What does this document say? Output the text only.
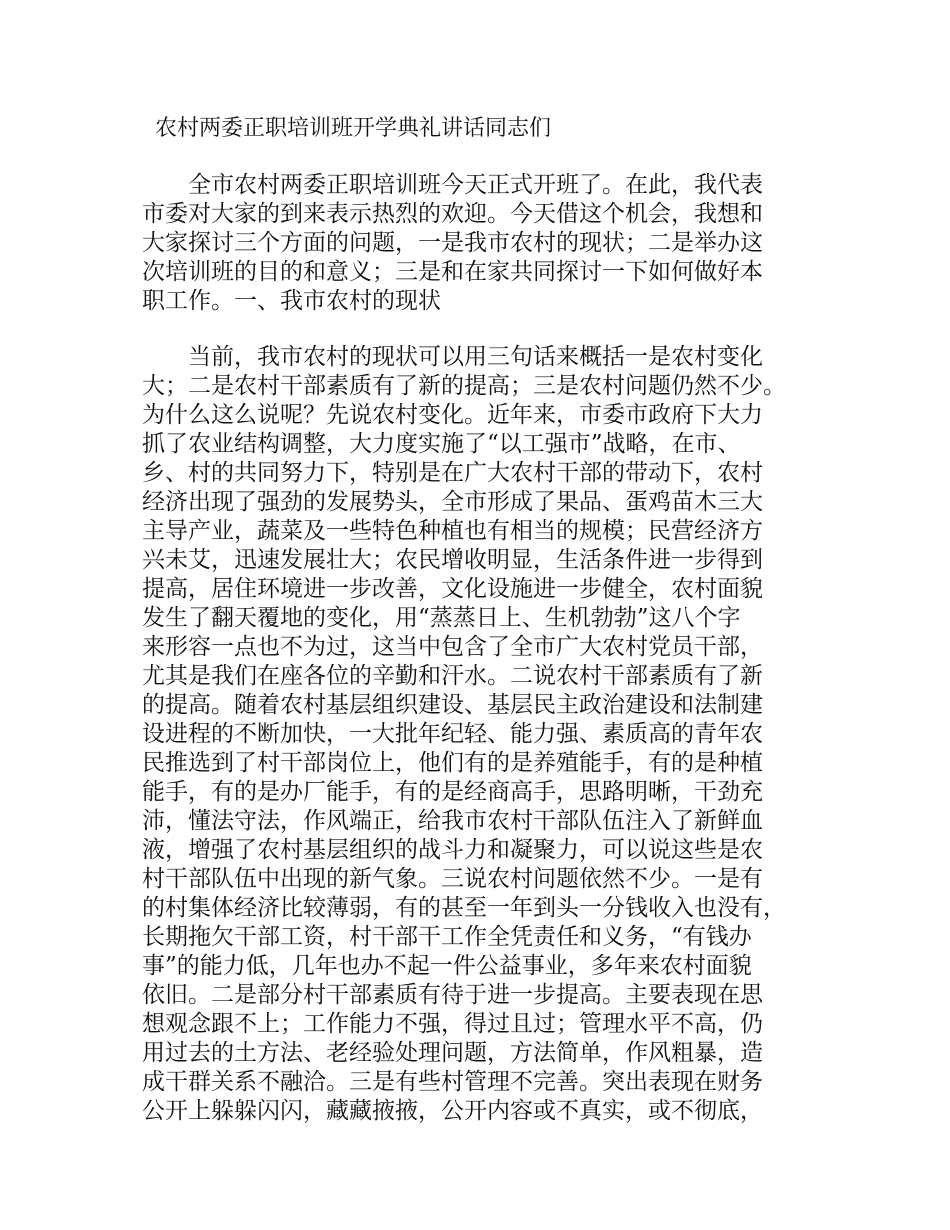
农村两委正职培训班开学典礼讲话同志们
　　全市农村两委正职培训班今天正式开班了。在此，我代表
市委对大家的到来表示热烈的欢迎。今天借这个机会，我想和
大家探讨三个方面的问题，一是我市农村的现状；二是举办这
次培训班的目的和意义；三是和在家共同探讨一下如何做好本
职工作。一、我市农村的现状
　　当前，我市农村的现状可以用三句话来概括一是农村变化
大；二是农村干部素质有了新的提高；三是农村问题仍然不少。
为什么这么说呢？先说农村变化。近年来，市委市政府下大力
抓了农业结构调整，大力度实施了“以工强市”战略，在市、
乡、村的共同努力下，特别是在广大农村干部的带动下，农村
经济出现了强劲的发展势头，全市形成了果品、蛋鸡苗木三大
主导产业，蔬菜及一些特色种植也有相当的规模；民营经济方
兴未艾，迅速发展壮大；农民增收明显，生活条件进一步得到
提高，居住环境进一步改善，文化设施进一步健全，农村面貌
发生了翻天覆地的变化，用“蒸蒸日上、生机勃勃”这八个字
来形容一点也不为过，这当中包含了全市广大农村党员干部，
尤其是我们在座各位的辛勤和汗水。二说农村干部素质有了新
的提高。随着农村基层组织建设、基层民主政治建设和法制建
设进程的不断加快，一大批年纪轻、能力强、素质高的青年农
民推选到了村干部岗位上，他们有的是养殖能手，有的是种植
能手，有的是办厂能手，有的是经商高手，思路明晰，干劲充
沛，懂法守法，作风端正，给我市农村干部队伍注入了新鲜血
液，增强了农村基层组织的战斗力和凝聚力，可以说这些是农
村干部队伍中出现的新气象。三说农村问题依然不少。一是有
的村集体经济比较薄弱，有的甚至一年到头一分钱收入也没有，
长期拖欠干部工资，村干部干工作全凭责任和义务，“有钱办
事”的能力低，几年也办不起一件公益事业，多年来农村面貌
依旧。二是部分村干部素质有待于进一步提高。主要表现在思
想观念跟不上；工作能力不强，得过且过；管理水平不高，仍
用过去的土方法、老经验处理问题，方法简单，作风粗暴，造
成干群关系不融洽。三是有些村管理不完善。突出表现在财务
公开上躲躲闪闪，藏藏掖掖，公开内容或不真实，或不彻底，
